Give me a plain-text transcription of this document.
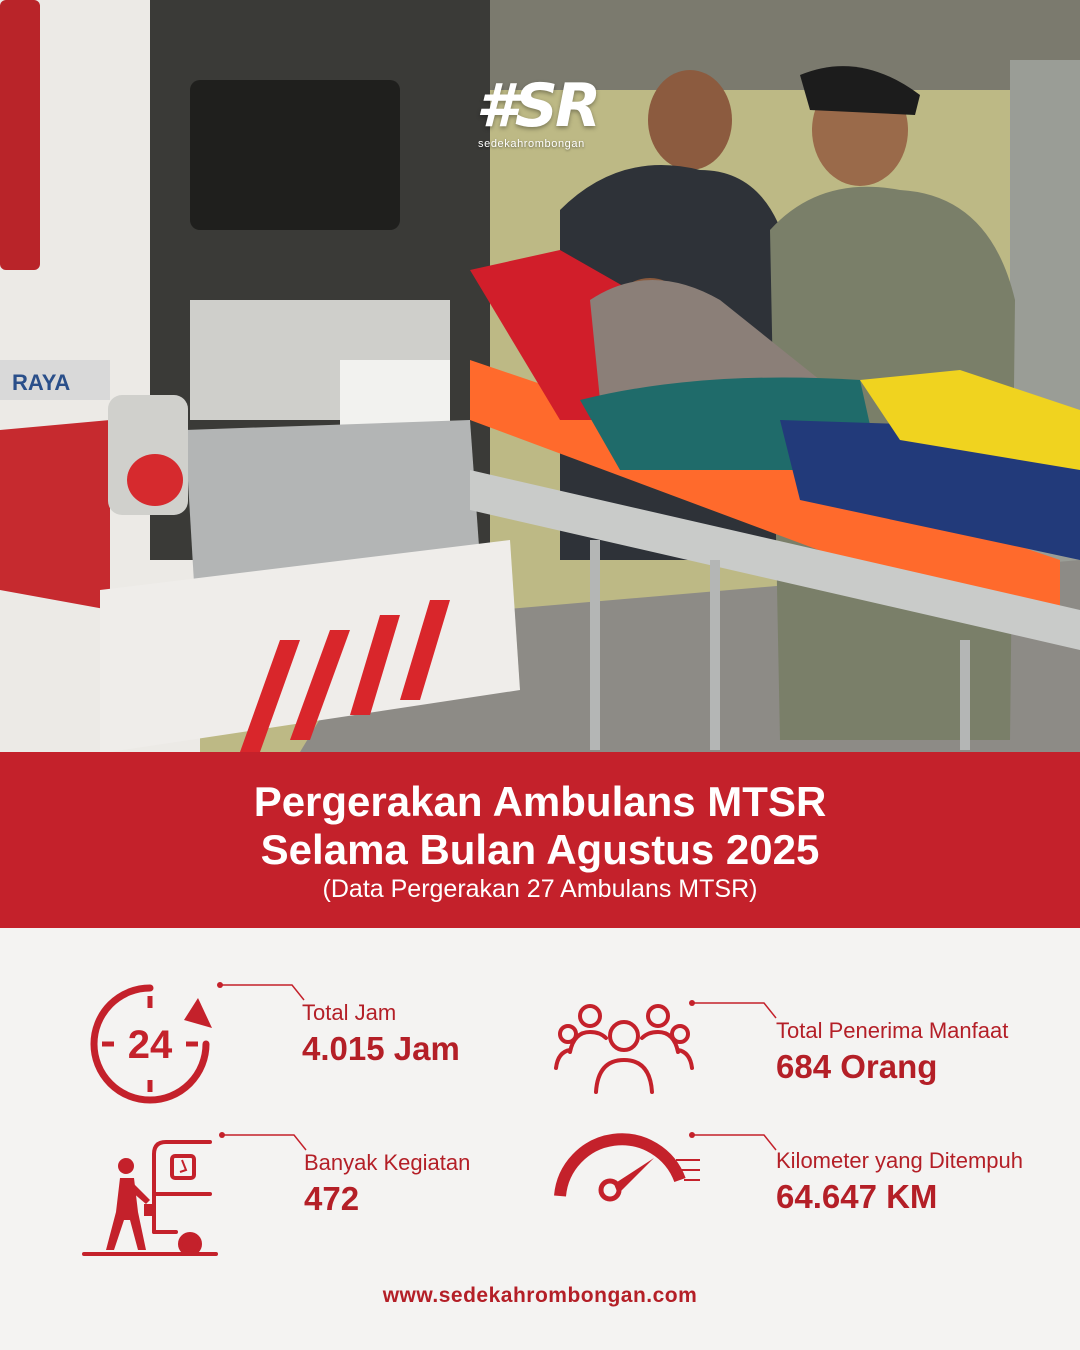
RAYA
#SR
sedekahrombongan
Pergerakan Ambulans MTSR
Selama Bulan Agustus 2025
(Data Pergerakan 27 Ambulans MTSR)
24
Total Jam
4.015 Jam	Total Penerima Manfaat
684 Orang
Banyak Kegiatan
472
Kilometer yang Ditempuh
64.647 KM
www.sedekahrombongan.com
